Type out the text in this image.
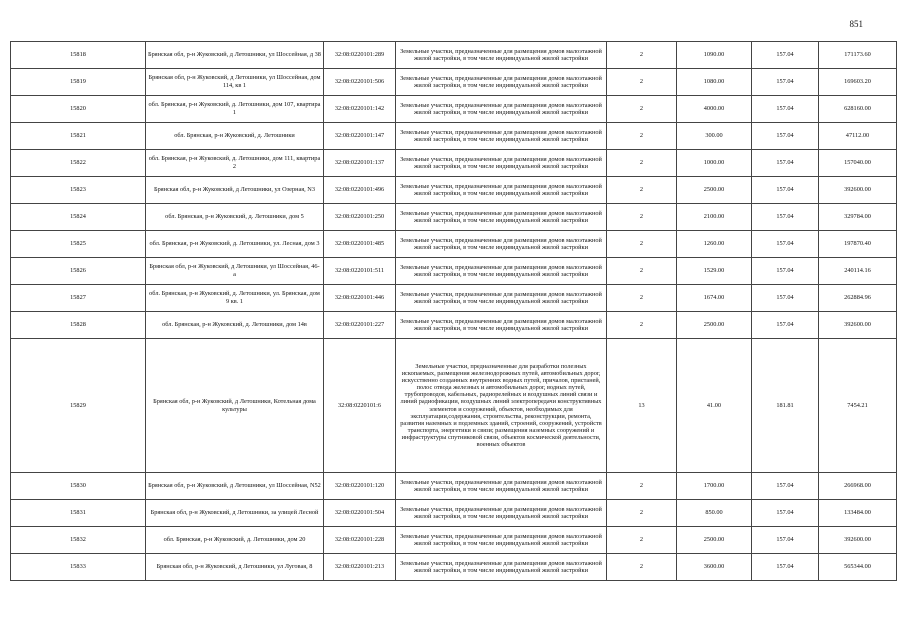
851
15818	Брянская обл, р-н Жуковский, д Летошники, ул Шоссейная, д 38	32:08:0220101:289	Земельные участки, предназначенные для размещения домов малоэтажной жилой застройки, в том числе индивидуальной жилой застройки	2	1090.00	157.04	171173.60
15819	Брянская обл, р-н Жуковский, д Летошники, ул Шоссейная, дом 114, кв 1	32:08:0220101:506	Земельные участки, предназначенные для размещения домов малоэтажной жилой застройки, в том числе индивидуальной жилой застройки	2	1080.00	157.04	169603.20
15820	обл. Брянская, р-н Жуковский, д. Летошники, дом 107, квартира 1	32:08:0220101:142	Земельные участки, предназначенные для размещения домов малоэтажной жилой застройки, в том числе индивидуальной жилой застройки	2	4000.00	157.04	628160.00
15821	обл. Брянская, р-н Жуковский, д. Летошники	32:08:0220101:147	Земельные участки, предназначенные для размещения домов малоэтажной жилой застройки, в том числе индивидуальной жилой застройки	2	300.00	157.04	47112.00
15822	обл. Брянская, р-н Жуковский, д. Летошники, дом 111, квартира 2	32:08:0220101:137	Земельные участки, предназначенные для размещения домов малоэтажной жилой застройки, в том числе индивидуальной жилой застройки	2	1000.00	157.04	157040.00
15823	Брянская обл, р-н Жуковский, д Летошники, ул Озерная, N3	32:08:0220101:496	Земельные участки, предназначенные для размещения домов малоэтажной жилой застройки, в том числе индивидуальной жилой застройки	2	2500.00	157.04	392600.00
15824	обл. Брянская, р-н Жуковский, д. Летошники, дом 5	32:08:0220101:250	Земельные участки, предназначенные для размещения домов малоэтажной жилой застройки, в том числе индивидуальной жилой застройки	2	2100.00	157.04	329784.00
15825	обл. Брянская, р-н Жуковский, д. Летошники, ул. Лесная, дом 3	32:08:0220101:485	Земельные участки, предназначенные для размещения домов малоэтажной жилой застройки, в том числе индивидуальной жилой застройки	2	1260.00	157.04	197870.40
15826	Брянская обл, р-н Жуковский, д Летошники, ул Шоссейная, 46-а	32:08:0220101:511	Земельные участки, предназначенные для размещения домов малоэтажной жилой застройки, в том числе индивидуальной жилой застройки	2	1529.00	157.04	240114.16
15827	обл. Брянская, р-н Жуковский, д. Летошники, ул. Брянская, дом 9 кв. 1	32:08:0220101:446	Земельные участки, предназначенные для размещения домов малоэтажной жилой застройки, в том числе индивидуальной жилой застройки	2	1674.00	157.04	262884.96
15828	обл. Брянская, р-н Жуковский, д. Летошники, дом 14в	32:08:0220101:227	Земельные участки, предназначенные для размещения домов малоэтажной жилой застройки, в том числе индивидуальной жилой застройки	2	2500.00	157.04	392600.00
15829	Брянская обл, р-н Жуковский, д Летошники, Котельная дома культуры	32:08:0220101:6	Земельные участки, предназначенные для разработки полезных ископаемых, размещения железнодорожных путей, автомобильных дорог, искусственно созданных внутренних водных путей, причалов, пристаней, полос отвода железных и автомобильных дорог, водных путей, трубопроводов, кабельных, радиорелейных и воздушных линий связи и линий радиофикации, воздушных линий электропередачи конструктивных элементов и сооружений, объектов, необходимых для эксплуатации,содержания, строительства, реконструкции, ремонта, развития наземных и подземных зданий, строений, сооружений, устройств транспорта, энергетики и связи; размещения наземных сооружений и инфраструктуры спутниковой связи, объектов космической деятельности, военных объектов	13	41.00	181.81	7454.21
15830	Брянская обл, р-н Жуковский, д Летошники, ул Шоссейная, N52	32:08:0220101:120	Земельные участки, предназначенные для размещения домов малоэтажной жилой застройки, в том числе индивидуальной жилой застройки	2	1700.00	157.04	266968.00
15831	Брянская обл, р-н Жуковский, д Летошники, за улицей Лесной	32:08:0220101:504	Земельные участки, предназначенные для размещения домов малоэтажной жилой застройки, в том числе индивидуальной жилой застройки	2	850.00	157.04	133484.00
15832	обл. Брянская, р-н Жуковский, д. Летошники, дом 20	32:08:0220101:228	Земельные участки, предназначенные для размещения домов малоэтажной жилой застройки, в том числе индивидуальной жилой застройки	2	2500.00	157.04	392600.00
15833	Брянская обл, р-н Жуковский, д Летошники, ул Луговая, 8	32:08:0220101:213	Земельные участки, предназначенные для размещения домов малоэтажной жилой застройки, в том числе индивидуальной жилой застройки	2	3600.00	157.04	565344.00
